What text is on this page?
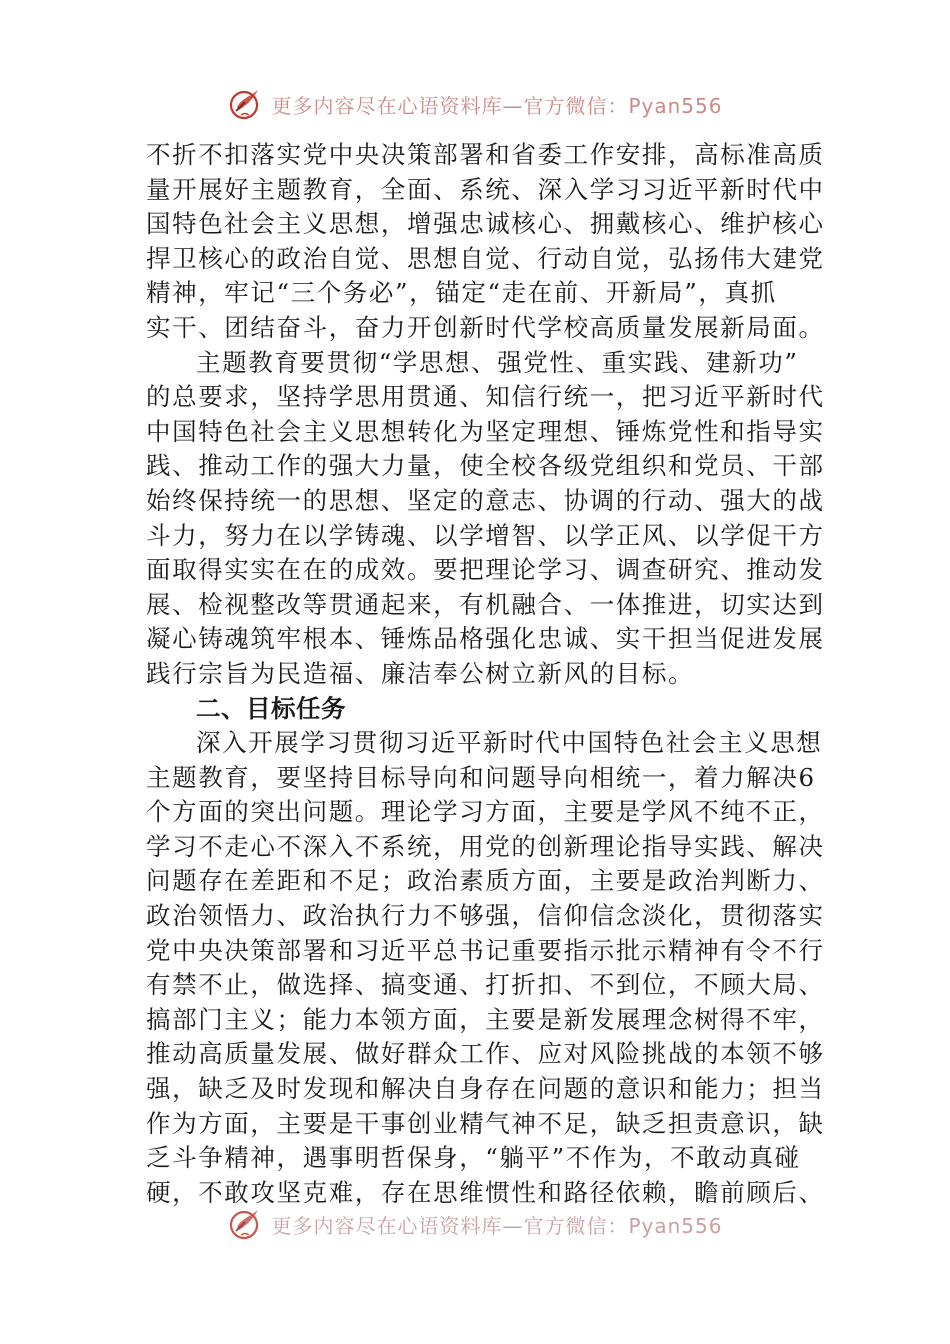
更多内容尽在心语资料库—官方微信：Pyan556
不折不扣落实党中央决策部署和省委工作安排，高标准高质
量开展好主题教育，全面、系统、深入学习习近平新时代中
国特色社会主义思想，增强忠诚核心、拥戴核心、维护核心
捍卫核心的政治自觉、思想自觉、行动自觉，弘扬伟大建党
精神，牢记“三个务必”，锚定“走在前、开新局”，真抓
实干、团结奋斗，奋力开创新时代学校高质量发展新局面。
主题教育要贯彻“学思想、强党性、重实践、建新功”
的总要求，坚持学思用贯通、知信行统一，把习近平新时代
中国特色社会主义思想转化为坚定理想、锤炼党性和指导实
践、推动工作的强大力量，使全校各级党组织和党员、干部
始终保持统一的思想、坚定的意志、协调的行动、强大的战
斗力，努力在以学铸魂、以学增智、以学正风、以学促干方
面取得实实在在的成效。要把理论学习、调查研究、推动发
展、检视整改等贯通起来，有机融合、一体推进，切实达到
凝心铸魂筑牢根本、锤炼品格强化忠诚、实干担当促进发展
践行宗旨为民造福、廉洁奉公树立新风的目标。
二、目标任务
深入开展学习贯彻习近平新时代中国特色社会主义思想
主题教育，要坚持目标导向和问题导向相统一，着力解决6
个方面的突出问题。理论学习方面，主要是学风不纯不正，
学习不走心不深入不系统，用党的创新理论指导实践、解决
问题存在差距和不足；政治素质方面，主要是政治判断力、
政治领悟力、政治执行力不够强，信仰信念淡化，贯彻落实
党中央决策部署和习近平总书记重要指示批示精神有令不行
有禁不止，做选择、搞变通、打折扣、不到位，不顾大局、
搞部门主义；能力本领方面，主要是新发展理念树得不牢，
推动高质量发展、做好群众工作、应对风险挑战的本领不够
强，缺乏及时发现和解决自身存在问题的意识和能力；担当
作为方面，主要是干事创业精气神不足，缺乏担责意识，缺
乏斗争精神，遇事明哲保身，“躺平”不作为，不敢动真碰
硬，不敢攻坚克难，存在思维惯性和路径依赖，瞻前顾后、
更多内容尽在心语资料库—官方微信：Pyan556
